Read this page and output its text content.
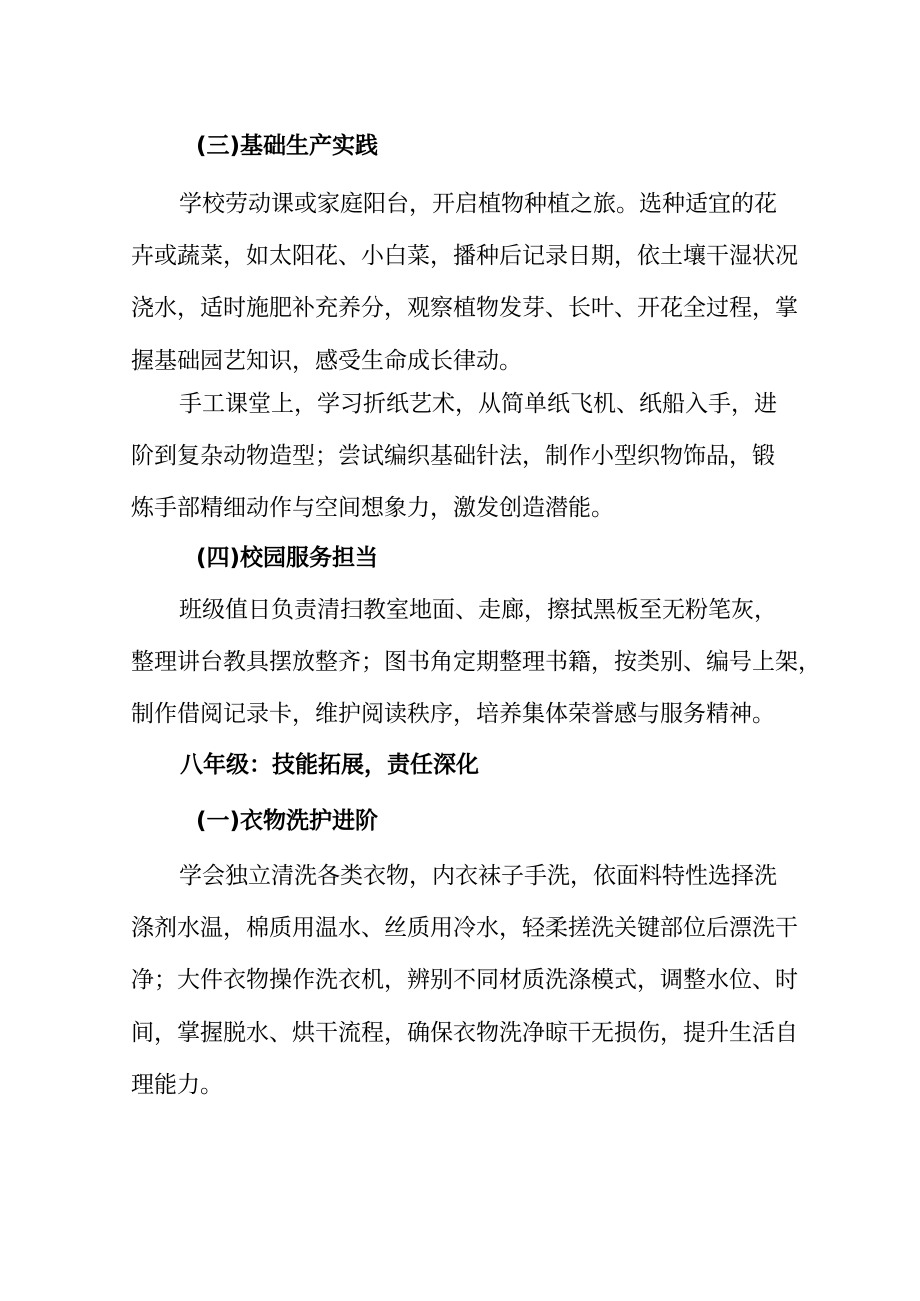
(三)基础生产实践
学校劳动课或家庭阳台，开启植物种植之旅。选种适宜的花
卉或蔬菜，如太阳花、小白菜，播种后记录日期，依土壤干湿状况
浇水，适时施肥补充养分，观察植物发芽、长叶、开花全过程，掌
握基础园艺知识，感受生命成长律动。
手工课堂上，学习折纸艺术，从简单纸飞机、纸船入手，进
阶到复杂动物造型；尝试编织基础针法，制作小型织物饰品，锻
炼手部精细动作与空间想象力，激发创造潜能。
(四)校园服务担当
班级值日负责清扫教室地面、走廊，擦拭黑板至无粉笔灰，
整理讲台教具摆放整齐；图书角定期整理书籍，按类别、编号上架，
制作借阅记录卡，维护阅读秩序，培养集体荣誉感与服务精神。
八年级：技能拓展，责任深化
(一)衣物洗护进阶
学会独立清洗各类衣物，内衣袜子手洗，依面料特性选择洗
涤剂水温，棉质用温水、丝质用冷水，轻柔搓洗关键部位后漂洗干
净；大件衣物操作洗衣机，辨别不同材质洗涤模式，调整水位、时
间，掌握脱水、烘干流程，确保衣物洗净晾干无损伤，提升生活自
理能力。
